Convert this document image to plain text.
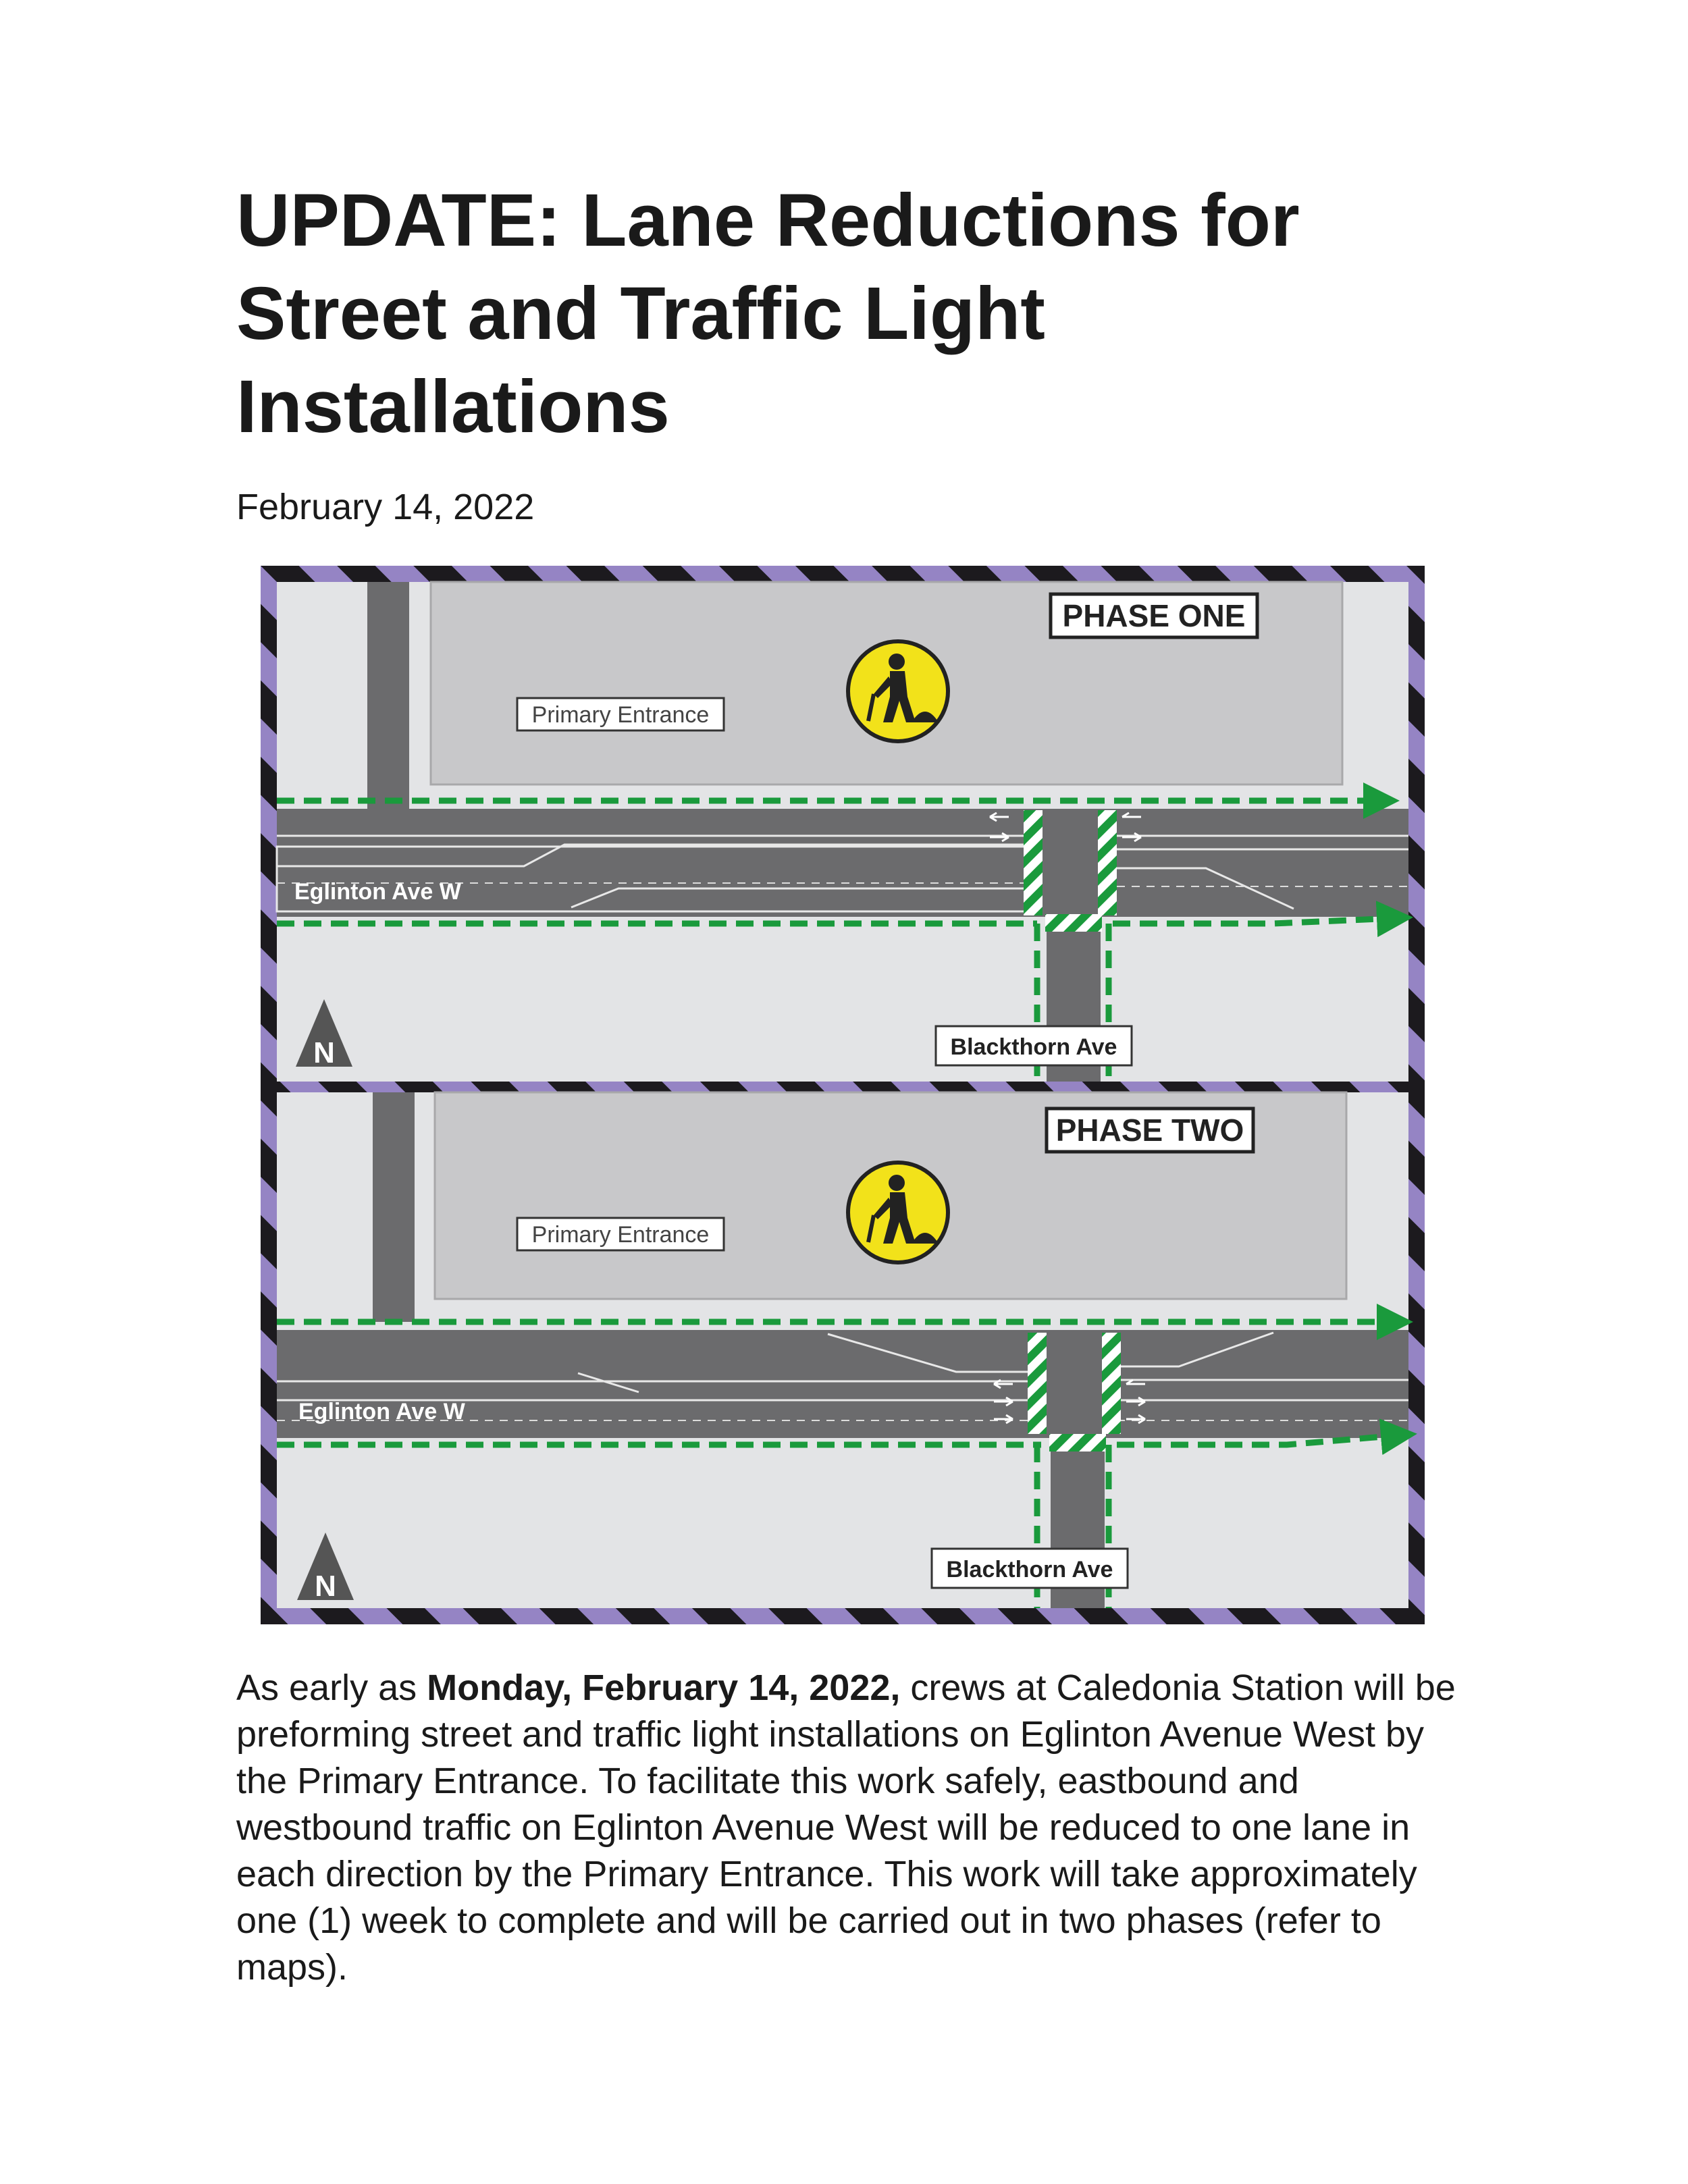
UPDATE: Lane Reductions for Street and Traffic Light Installations

February 14, 2022

PHASE ONE
Primary Entrance
Eglinton Ave W
Blackthorn Ave
N
PHASE TWO
Primary Entrance
Eglinton Ave W
Blackthorn Ave
N

As early as Monday, February 14, 2022, crews at Caledonia Station will be preforming street and traffic light installations on Eglinton Avenue West by the Primary Entrance. To facilitate this work safely, eastbound and westbound traffic on Eglinton Avenue West will be reduced to one lane in each direction by the Primary Entrance. This work will take approximately one (1) week to complete and will be carried out in two phases (refer to maps).
